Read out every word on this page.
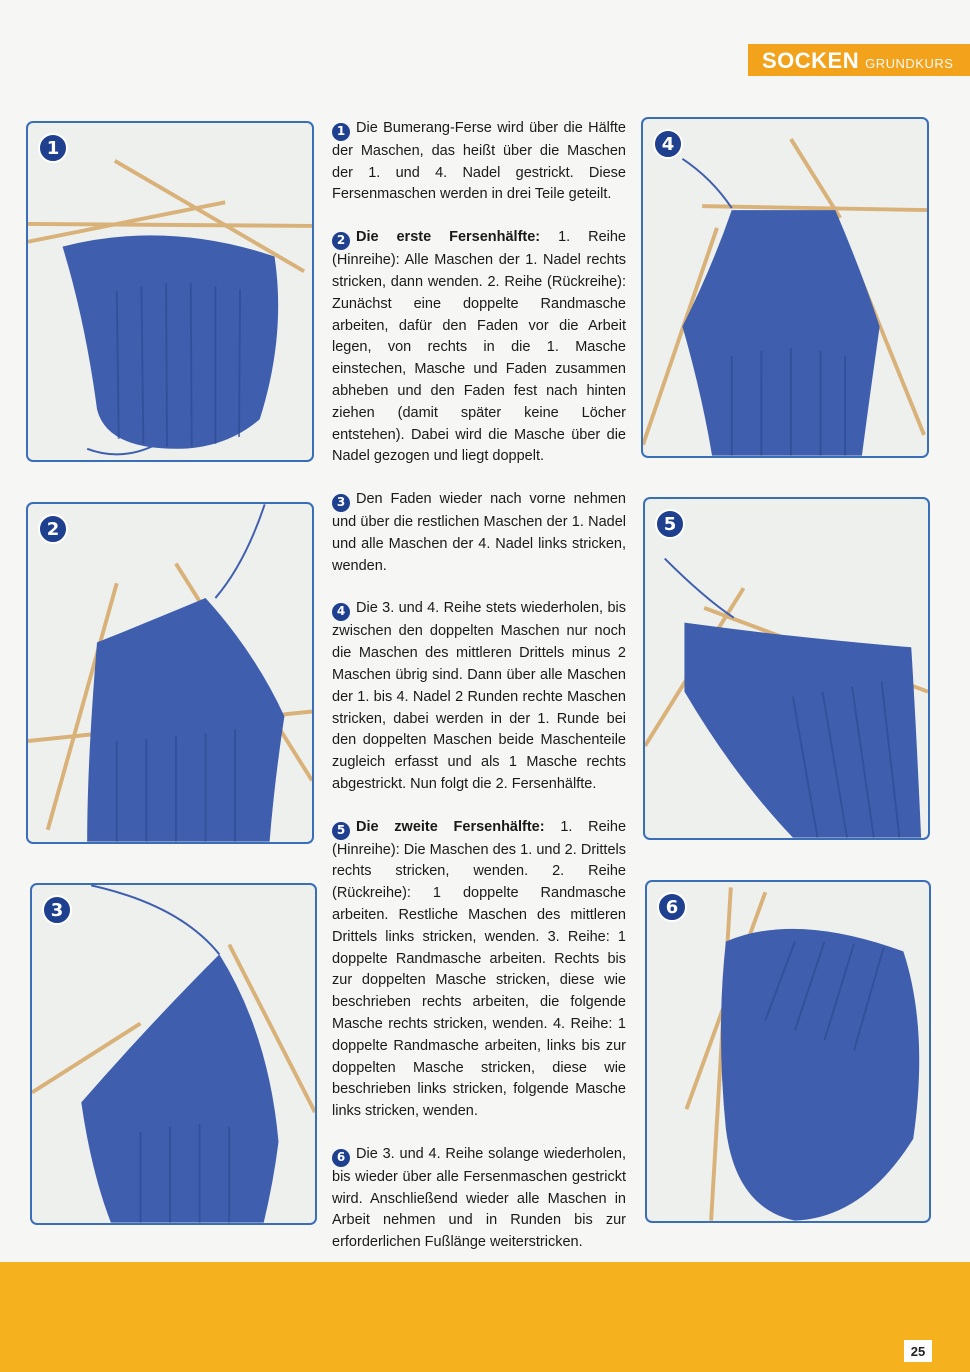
SOCKEN GRUNDKURS
1
2
3
4
5
6

1 Die Bumerang-Ferse wird über die Hälfte der Maschen, das heißt über die Maschen der 1. und 4. Nadel gestrickt. Diese Fersenmaschen werden in drei Teile geteilt.

2 Die erste Fersenhälfte: 1. Reihe (Hinreihe): Alle Maschen der 1. Nadel rechts stricken, dann wenden. 2. Reihe (Rückreihe): Zunächst eine doppelte Randmasche arbeiten, dafür den Faden vor die Arbeit legen, von rechts in die 1. Masche einstechen, Masche und Faden zusammen abheben und den Faden fest nach hinten ziehen (damit später keine Löcher entstehen). Dabei wird die Masche über die Nadel gezogen und liegt doppelt.

3 Den Faden wieder nach vorne nehmen und über die restlichen Maschen der 1. Nadel und alle Maschen der 4. Nadel links stricken, wenden.

4 Die 3. und 4. Reihe stets wiederholen, bis zwischen den doppelten Maschen nur noch die Maschen des mittleren Drittels minus 2 Maschen übrig sind. Dann über alle Maschen der 1. bis 4. Nadel 2 Runden rechte Maschen stricken, dabei werden in der 1. Runde bei den doppelten Maschen beide Maschenteile zugleich erfasst und als 1 Masche rechts abgestrickt. Nun folgt die 2. Fersenhälfte.

5 Die zweite Fersenhälfte: 1. Reihe (Hinreihe): Die Maschen des 1. und 2. Drittels rechts stricken, wenden. 2. Reihe (Rückreihe): 1 doppelte Randmasche arbeiten. Restliche Maschen des mittleren Drittels links stricken, wenden. 3. Reihe: 1 doppelte Randmasche arbeiten. Rechts bis zur doppelten Masche stricken, diese wie beschrieben rechts arbeiten, die folgende Masche rechts stricken, wenden. 4. Reihe: 1 doppelte Randmasche arbeiten, links bis zur doppelten Masche stricken, diese wie beschrieben links stricken, folgende Masche links stricken, wenden.

6 Die 3. und 4. Reihe solange wiederholen, bis wieder über alle Fersenmaschen gestrickt wird. Anschließend wieder alle Maschen in Arbeit nehmen und in Runden bis zur erforderlichen Fußlänge weiterstricken.

25
